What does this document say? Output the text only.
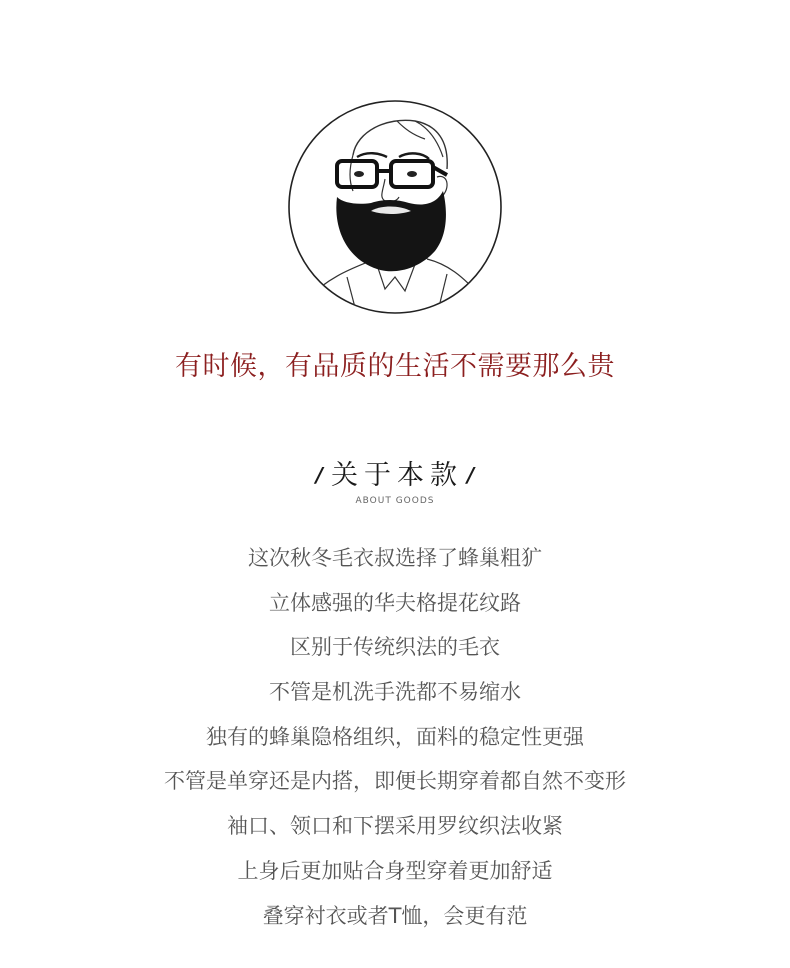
有时候，有品质的生活不需要那么贵
/ 关于本款 /
ABOUT GOODS
这次秋冬毛衣叔选择了蜂巢粗犷
立体感强的华夫格提花纹路
区别于传统织法的毛衣
不管是机洗手洗都不易缩水
独有的蜂巢隐格组织，面料的稳定性更强
不管是单穿还是内搭，即便长期穿着都自然不变形
袖口、领口和下摆采用罗纹织法收紧
上身后更加贴合身型穿着更加舒适
叠穿衬衣或者T恤，会更有范
